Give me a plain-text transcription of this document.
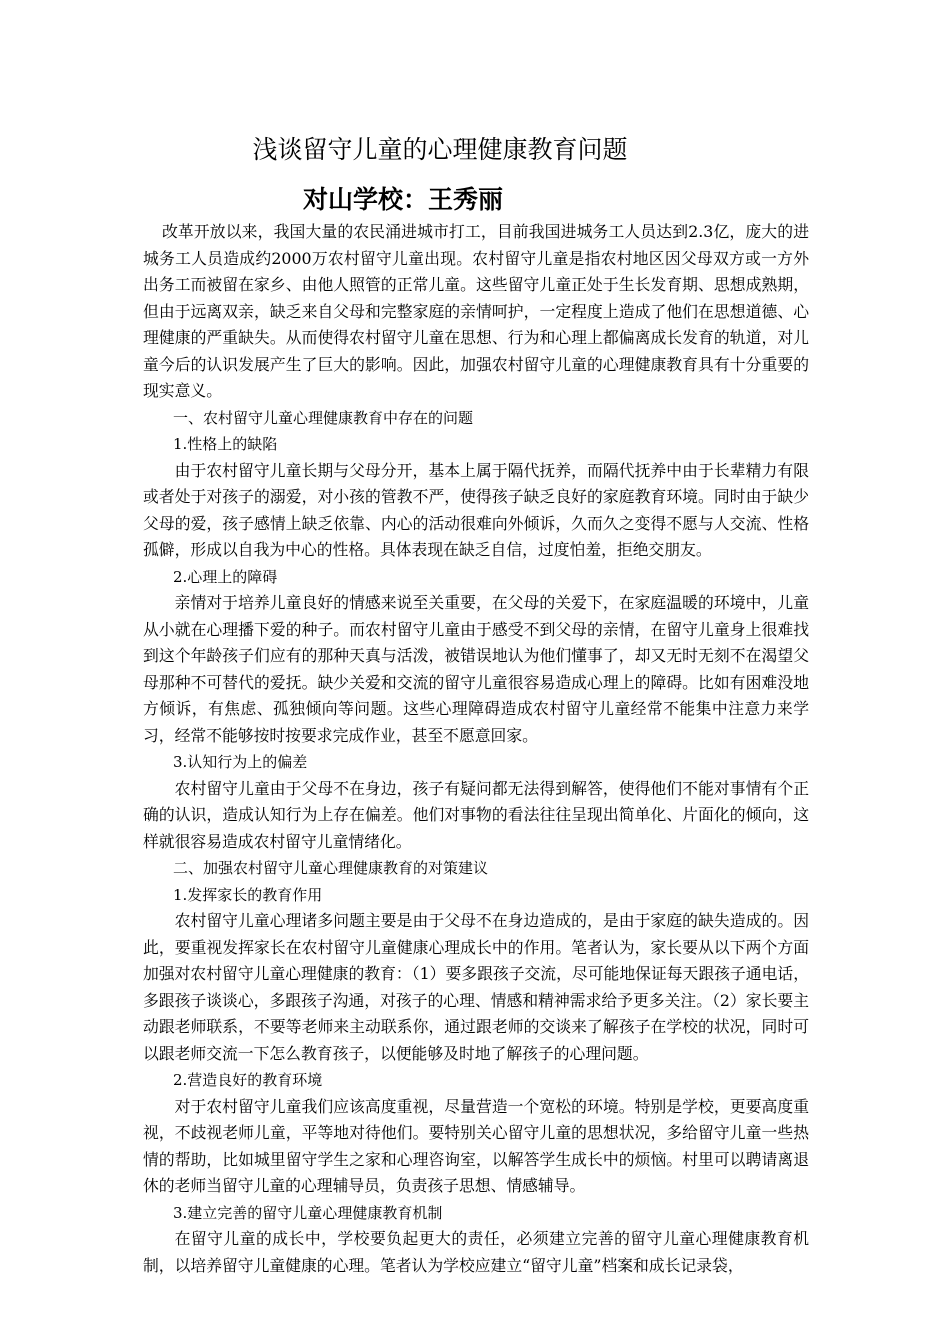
浅谈留守儿童的心理健康教育问题
对山学校：王秀丽

改革开放以来，我国大量的农民涌进城市打工，目前我国进城务工人员达到2.3亿，庞大的进城务工人员造成约2000万农村留守儿童出现。农村留守儿童是指农村地区因父母双方或一方外出务工而被留在家乡、由他人照管的正常儿童。这些留守儿童正处于生长发育期、思想成熟期，但由于远离双亲，缺乏来自父母和完整家庭的亲情呵护，一定程度上造成了他们在思想道德、心理健康的严重缺失。从而使得农村留守儿童在思想、行为和心理上都偏离成长发育的轨道，对儿童今后的认识发展产生了巨大的影响。因此，加强农村留守儿童的心理健康教育具有十分重要的现实意义。

一、农村留守儿童心理健康教育中存在的问题

1.性格上的缺陷

由于农村留守儿童长期与父母分开，基本上属于隔代抚养，而隔代抚养中由于长辈精力有限或者处于对孩子的溺爱，对小孩的管教不严，使得孩子缺乏良好的家庭教育环境。同时由于缺少父母的爱，孩子感情上缺乏依靠、内心的活动很难向外倾诉，久而久之变得不愿与人交流、性格孤僻，形成以自我为中心的性格。具体表现在缺乏自信，过度怕羞，拒绝交朋友。

2.心理上的障碍

亲情对于培养儿童良好的情感来说至关重要，在父母的关爱下，在家庭温暖的环境中，儿童从小就在心理播下爱的种子。而农村留守儿童由于感受不到父母的亲情，在留守儿童身上很难找到这个年龄孩子们应有的那种天真与活泼，被错误地认为他们懂事了，却又无时无刻不在渴望父母那种不可替代的爱抚。缺少关爱和交流的留守儿童很容易造成心理上的障碍。比如有困难没地方倾诉，有焦虑、孤独倾向等问题。这些心理障碍造成农村留守儿童经常不能集中注意力来学习，经常不能够按时按要求完成作业，甚至不愿意回家。

3.认知行为上的偏差

农村留守儿童由于父母不在身边，孩子有疑问都无法得到解答，使得他们不能对事情有个正确的认识，造成认知行为上存在偏差。他们对事物的看法往往呈现出简单化、片面化的倾向，这样就很容易造成农村留守儿童情绪化。

二、加强农村留守儿童心理健康教育的对策建议

1.发挥家长的教育作用

农村留守儿童心理诸多问题主要是由于父母不在身边造成的，是由于家庭的缺失造成的。因此，要重视发挥家长在农村留守儿童健康心理成长中的作用。笔者认为，家长要从以下两个方面加强对农村留守儿童心理健康的教育：（1）要多跟孩子交流，尽可能地保证每天跟孩子通电话，多跟孩子谈谈心，多跟孩子沟通，对孩子的心理、情感和精神需求给予更多关注。（2）家长要主动跟老师联系，不要等老师来主动联系你，通过跟老师的交谈来了解孩子在学校的状况，同时可以跟老师交流一下怎么教育孩子，以便能够及时地了解孩子的心理问题。

2.营造良好的教育环境

对于农村留守儿童我们应该高度重视，尽量营造一个宽松的环境。特别是学校，更要高度重视，不歧视老师儿童，平等地对待他们。要特别关心留守儿童的思想状况，多给留守儿童一些热情的帮助，比如城里留守学生之家和心理咨询室，以解答学生成长中的烦恼。村里可以聘请离退休的老师当留守儿童的心理辅导员，负责孩子思想、情感辅导。

3.建立完善的留守儿童心理健康教育机制

在留守儿童的成长中，学校要负起更大的责任，必须建立完善的留守儿童心理健康教育机制，以培养留守儿童健康的心理。笔者认为学校应建立“留守儿童”档案和成长记录袋，
